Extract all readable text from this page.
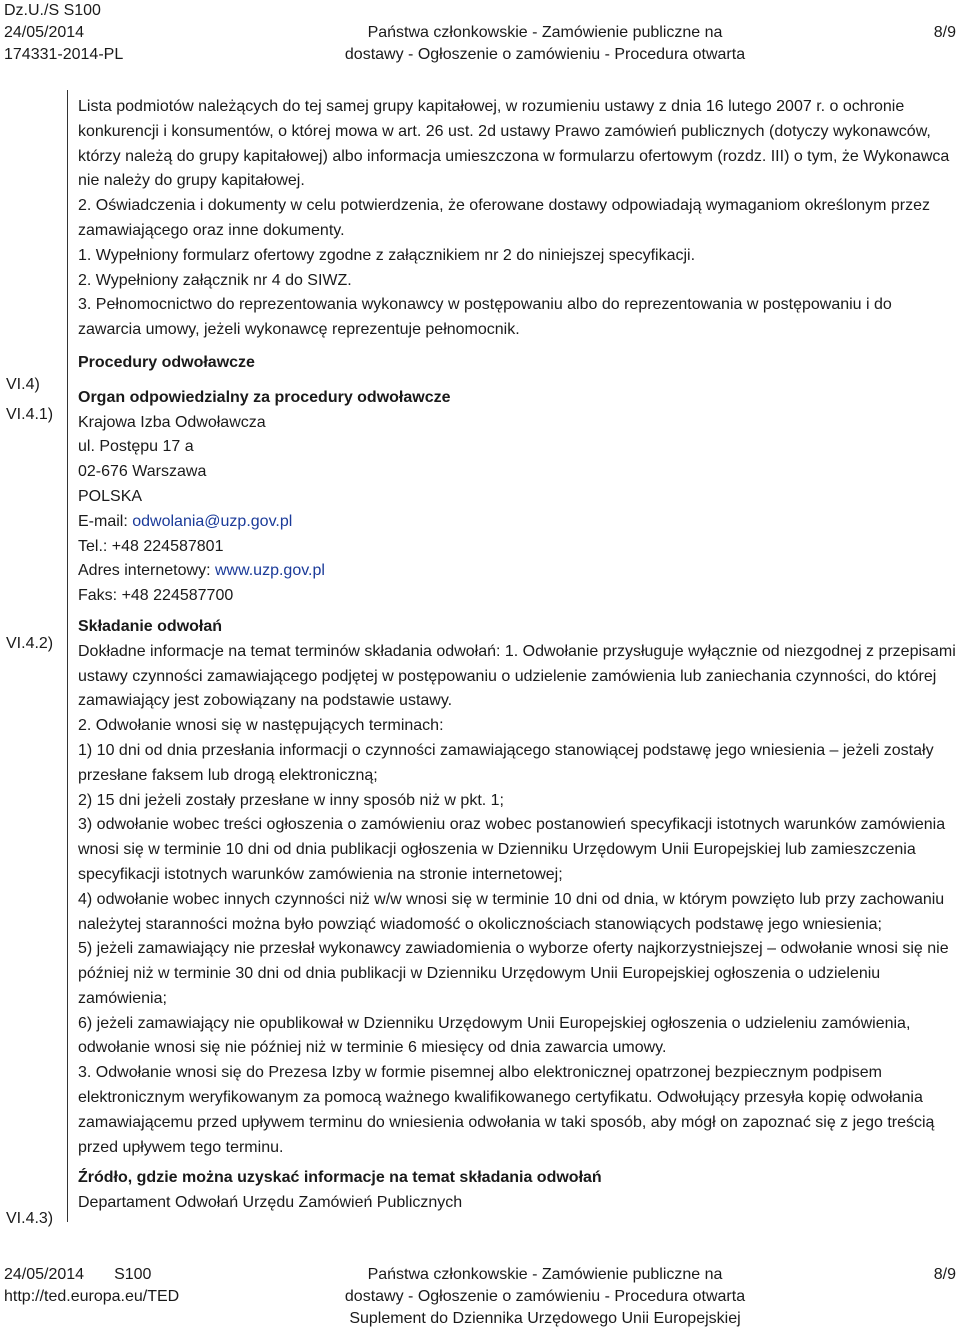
Dz.U./S S100
24/05/2014
174331-2014-PL
Państwa członkowskie - Zamówienie publiczne na
dostawy - Ogłoszenie o zamówieniu - Procedura otwarta
8/9
VI.4)
VI.4.1)
VI.4.2)
VI.4.3)

Lista podmiotów należących do tej samej grupy kapitałowej, w rozumieniu ustawy z dnia 16 lutego 2007 r. o ochronie konkurencji i konsumentów, o której mowa w art. 26 ust. 2d ustawy Prawo zamówień publicznych (dotyczy wykonawców, którzy należą do grupy kapitałowej) albo informacja umieszczona w formularzu ofertowym (rozdz. III) o tym, że Wykonawca nie należy do grupy kapitałowej.

2. Oświadczenia i dokumenty w celu potwierdzenia, że oferowane dostawy odpowiadają wymaganiom określonym przez zamawiającego oraz inne dokumenty.

1. Wypełniony formularz ofertowy zgodne z załącznikiem nr 2 do niniejszej specyfikacji.

2. Wypełniony załącznik nr 4 do SIWZ.

3. Pełnomocnictwo do reprezentowania wykonawcy w postępowaniu albo do reprezentowania w postępowaniu i do zawarcia umowy, jeżeli wykonawcę reprezentuje pełnomocnik.

Procedury odwoławcze

Organ odpowiedzialny za procedury odwoławcze

Krajowa Izba Odwoławcza

ul. Postępu 17 a

02-676 Warszawa

POLSKA

E-mail: odwolania@uzp.gov.pl

Tel.: +48 224587801

Adres internetowy: www.uzp.gov.pl

Faks: +48 224587700

Składanie odwołań

Dokładne informacje na temat terminów składania odwołań: 1. Odwołanie przysługuje wyłącznie od niezgodnej z przepisami ustawy czynności zamawiającego podjętej w postępowaniu o udzielenie zamówienia lub zaniechania czynności, do której zamawiający jest zobowiązany na podstawie ustawy.

2. Odwołanie wnosi się w następujących terminach:

1) 10 dni od dnia przesłania informacji o czynności zamawiającego stanowiącej podstawę jego wniesienia – jeżeli zostały przesłane faksem lub drogą elektroniczną;

2) 15 dni jeżeli zostały przesłane w inny sposób niż w pkt. 1;

3) odwołanie wobec treści ogłoszenia o zamówieniu oraz wobec postanowień specyfikacji istotnych warunków zamówienia wnosi się w terminie 10 dni od dnia publikacji ogłoszenia w Dzienniku Urzędowym Unii Europejskiej lub zamieszczenia specyfikacji istotnych warunków zamówienia na stronie internetowej;

4) odwołanie wobec innych czynności niż w/w wnosi się w terminie 10 dni od dnia, w którym powzięto lub przy zachowaniu należytej staranności można było powziąć wiadomość o okolicznościach stanowiących podstawę jego wniesienia;

5) jeżeli zamawiający nie przesłał wykonawcy zawiadomienia o wyborze oferty najkorzystniejszej – odwołanie wnosi się nie później niż w terminie 30 dni od dnia publikacji w Dzienniku Urzędowym Unii Europejskiej ogłoszenia o udzieleniu zamówienia;

6) jeżeli zamawiający nie opublikował w Dzienniku Urzędowym Unii Europejskiej ogłoszenia o udzieleniu zamówienia, odwołanie wnosi się nie później niż w terminie 6 miesięcy od dnia zawarcia umowy.

3. Odwołanie wnosi się do Prezesa Izby w formie pisemnej albo elektronicznej opatrzonej bezpiecznym podpisem elektronicznym weryfikowanym za pomocą ważnego kwalifikowanego certyfikatu. Odwołujący przesyła kopię odwołania zamawiającemu przed upływem terminu do wniesienia odwołania w taki sposób, aby mógł on zapoznać się z jego treścią przed upływem tego terminu.

Źródło, gdzie można uzyskać informacje na temat składania odwołań

Departament Odwołań Urzędu Zamówień Publicznych

24/05/2014 S100
http://ted.europa.eu/TED
Państwa członkowskie - Zamówienie publiczne na
dostawy - Ogłoszenie o zamówieniu - Procedura otwarta
Suplement do Dziennika Urzędowego Unii Europejskiej
8/9
